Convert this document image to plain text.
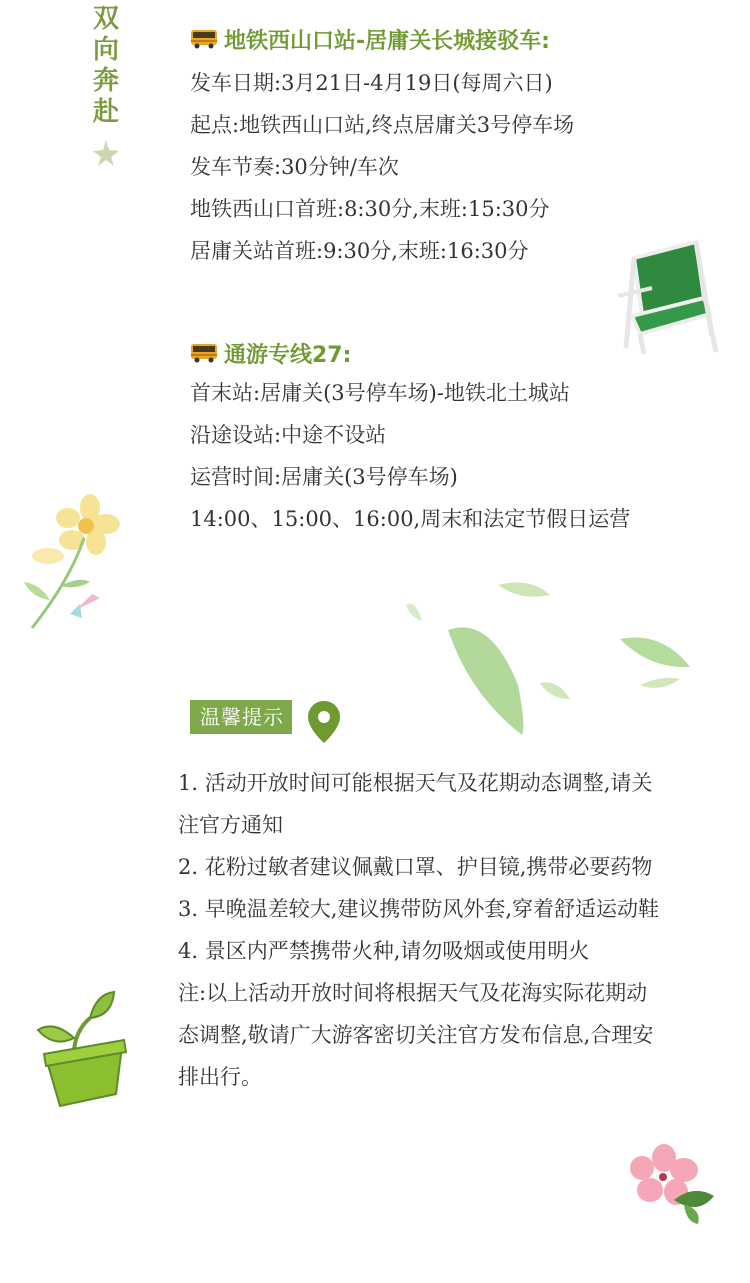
双
向
奔
赴
地铁西山口站-居庸关长城接驳车:
发车日期:3月21日-4月19日(每周六日)
起点:地铁西山口站,终点居庸关3号停车场
发车节奏:30分钟/车次
地铁西山口首班:8:30分,末班:15:30分
居庸关站首班:9:30分,末班:16:30分
通游专线27:
首末站:居庸关(3号停车场)-地铁北土城站
沿途设站:中途不设站
运营时间:居庸关(3号停车场)
14:00、15:00、16:00,周末和法定节假日运营
温馨提示
1. 活动开放时间可能根据天气及花期动态调整,请关
注官方通知
2. 花粉过敏者建议佩戴口罩、护目镜,携带必要药物
3. 早晚温差较大,建议携带防风外套,穿着舒适运动鞋
4. 景区内严禁携带火种,请勿吸烟或使用明火
注:以上活动开放时间将根据天气及花海实际花期动
态调整,敬请广大游客密切关注官方发布信息,合理安
排出行。
